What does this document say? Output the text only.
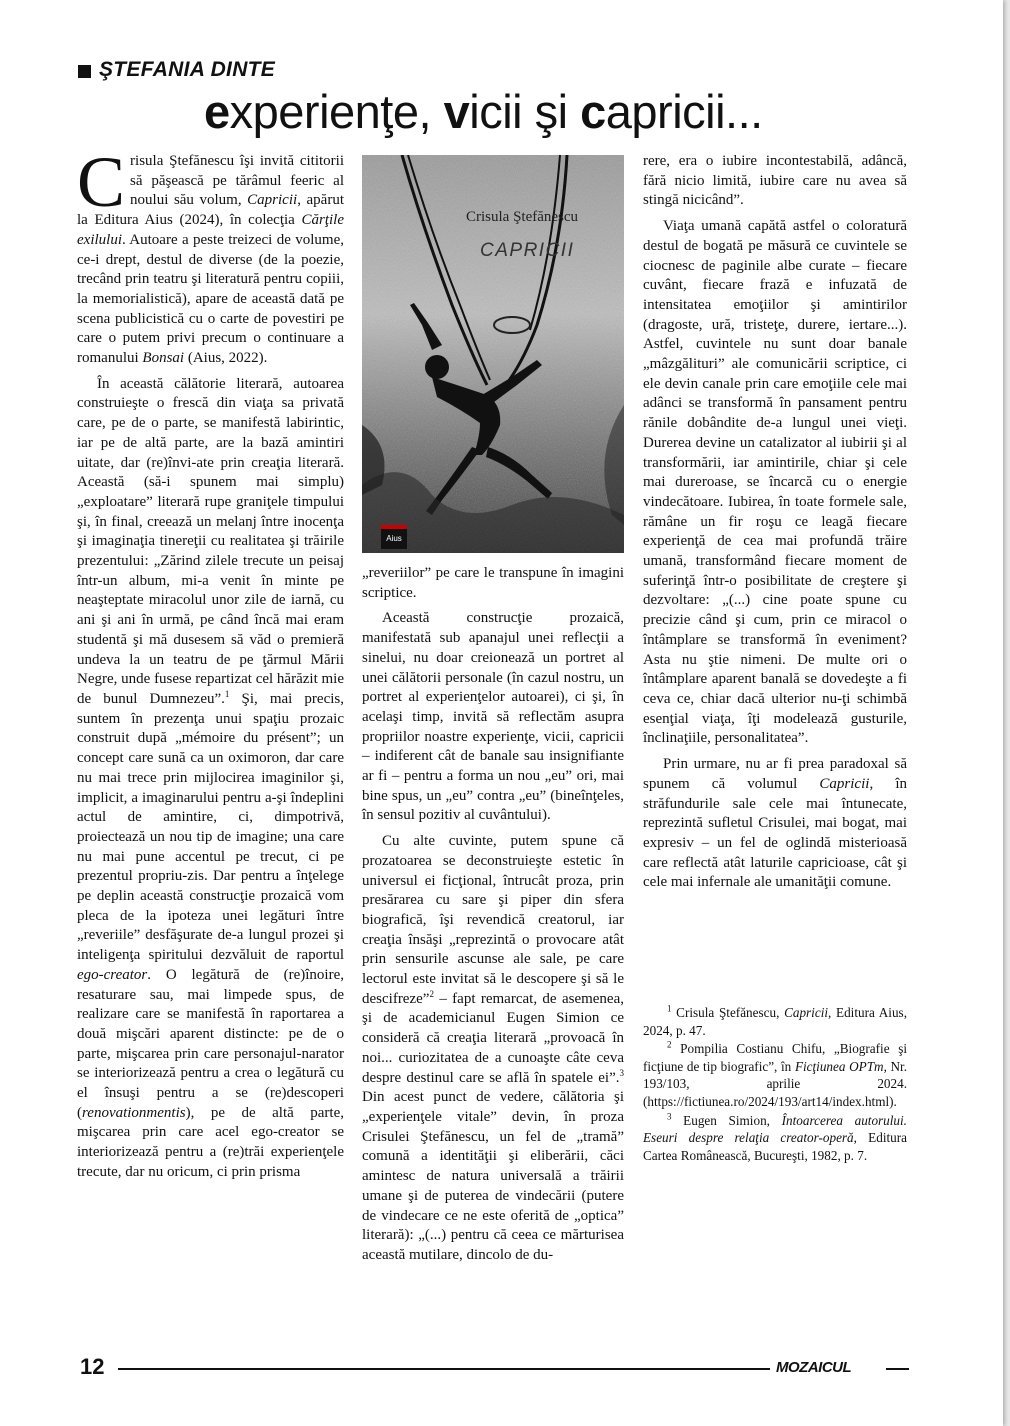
ŞTEFANIA DINTE
experienţe, vicii şi capricii...

Crisula Ştefănescu îşi invită cititorii să păşească pe tărâmul feeric al noului său volum, Capricii, apărut la Editura Aius (2024), în colecţia Cărţile exilului. Autoare a peste treizeci de volume, ce-i drept, destul de diverse (de la poezie, trecând prin teatru şi literatură pentru copiii, la memorialistică), apare de această dată pe scena publicistică cu o carte de povestiri pe care o putem privi precum o continuare a romanului Bonsai (Aius, 2022).

În această călătorie literară, autoarea construieşte o frescă din viaţa sa privată care, pe de o parte, se manifestă labirintic, iar pe de altă parte, are la bază amintiri uitate, dar (re)învi-ate prin creaţia literară. Această (să-i spunem mai simplu) „exploatare” literară rupe graniţele timpului şi, în final, creează un melanj între inocenţa şi imaginaţia tinereţii cu realitatea şi trăirile prezentului: „Zărind zilele trecute un peisaj într-un album, mi-a venit în minte pe neaşteptate miracolul unor zile de iarnă, cu ani şi ani în urmă, pe când încă mai eram studentă şi mă dusesem să văd o premieră undeva la un teatru de pe ţărmul Mării Negre, unde fusese repartizat cel hărăzit mie de bunul Dumnezeu”.$^1$ Şi, mai precis, suntem în prezenţa unui spaţiu prozaic construit după „mémoire du présent”; un concept care sună ca un oximoron, dar care nu mai trece prin mijlocirea imaginilor şi, implicit, a imaginarului pentru a-şi îndeplini actul de amintire, ci, dimpotrivă, proiectează un nou tip de imagine; una care nu mai pune accentul pe trecut, ci pe prezentul propriu-zis. Dar pentru a înţelege pe deplin această construcţie prozaică vom pleca de la ipoteza unei legături între „reveriile” desfăşurate de-a lungul prozei şi inteligenţa spiritului dezvăluit de raportul ego-creator. O legătură de (re)înoire, resaturare sau, mai limpede spus, de realizare care se manifestă în raportarea a două mişcări aparent distincte: pe de o parte, mişcarea prin care personajul-narator se interiorizează pentru a crea o legătură cu el însuşi pentru a se (re)descoperi (renovationmentis), pe de altă parte, mişcarea prin care acel ego-creator se interiorizează pentru a (re)trăi experienţele trecute, dar nu oricum, ci prin prisma

Crisula Ştefănescu
CAPRICII
Aius

„reveriilor” pe care le transpune în imagini scriptice.

Această construcţie prozaică, manifestată sub apanajul unei reflecţii a sinelui, nu doar creionează un portret al unei călătorii personale (în cazul nostru, un portret al experienţelor autoarei), ci şi, în acelaşi timp, invită să reflectăm asupra propriilor noastre experienţe, vicii, capricii – indiferent cât de banale sau insignifiante ar fi – pentru a forma un nou „eu” ori, mai bine spus, un „eu” contra „eu” (bineînţeles, în sensul pozitiv al cuvântului).

Cu alte cuvinte, putem spune că prozatoarea se deconstruieşte estetic în universul ei ficţional, întrucât proza, prin presărarea cu sare şi piper din sfera biografică, îşi revendică creatorul, iar creaţia însăşi „reprezintă o provocare atât prin sensurile ascunse ale sale, pe care lectorul este invitat să le descopere şi să le descifreze”$^2$ – fapt remarcat, de asemenea, şi de academicianul Eugen Simion ce consideră că creaţia literară „provoacă în noi... curiozitatea de a cunoaşte câte ceva despre destinul care se află în spatele ei”.$^3$ Din acest punct de vedere, călătoria şi „experienţele vitale” devin, în proza Crisulei Ştefănescu, un fel de „tramă” comună a identităţii şi eliberării, căci amintesc de natura universală a trăirii umane şi de puterea de vindecării (putere de vindecare ce ne este oferită de „optica” literară): „(...) pentru că ceea ce mărturisea această mutilare, dincolo de du-

rere, era o iubire incontestabilă, adâncă, fără nicio limită, iubire care nu avea să stingă nicicând”.

Viaţa umană capătă astfel o coloratură destul de bogată pe măsură ce cuvintele se ciocnesc de paginile albe curate – fiecare cuvânt, fiecare frază e infuzată de intensitatea emoţiilor şi amintirilor (dragoste, ură, tristeţe, durere, iertare...). Astfel, cuvintele nu sunt doar banale „mâzgălituri” ale comunicării scriptice, ci ele devin canale prin care emoţiile cele mai adânci se transformă în pansament pentru rănile dobândite de-a lungul unei vieţi. Durerea devine un catalizator al iubirii şi al transformării, iar amintirile, chiar şi cele mai dureroase, se încarcă cu o energie vindecătoare. Iubirea, în toate formele sale, rămâne un fir roşu ce leagă fiecare experienţă de cea mai profundă trăire umană, transformând fiecare moment de suferinţă într-o posibilitate de creştere şi dezvoltare: „(...) cine poate spune cu precizie când şi cum, prin ce miracol o întâmplare se transformă în eveniment? Asta nu ştie nimeni. De multe ori o întâmplare aparent banală se dovedeşte a fi ceva ce, chiar dacă ulterior nu-ţi schimbă esenţial viaţa, îţi modelează gusturile, înclinaţiile, personalitatea”.

Prin urmare, nu ar fi prea paradoxal să spunem că volumul Capricii, în străfundurile sale cele mai întunecate, reprezintă sufletul Crisulei, mai bogat, mai expresiv – un fel de oglindă misterioasă care reflectă atât laturile capricioase, cât şi cele mai infernale ale umanităţii comune.

$^1$ Crisula Ştefănescu, Capricii, Editura Aius, 2024, p. 47.

$^2$ Pompilia Costianu Chifu, „Biografie şi ficţiune de tip biografic”, în Ficţiunea OPTm, Nr. 193/103, aprilie 2024. (https://fictiunea.ro/2024/193/art14/index.html).

$^3$ Eugen Simion, Întoarcerea autorului. Eseuri despre relaţia creator-operă, Editura Cartea Românească, Bucureşti, 1982, p. 7.

12	MOZAICUL
